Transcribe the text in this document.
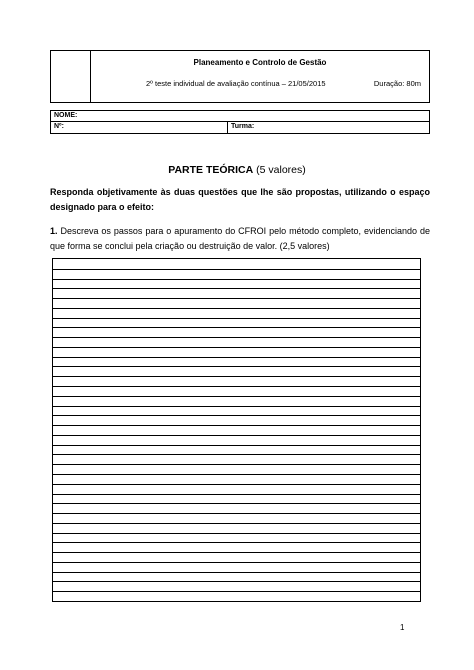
Planeamento e Controlo de Gestão
2º teste individual de avaliação contínua – 21/05/2015	Duração: 80m
NOME:
Nº:	Turma:
PARTE TEÓRICA (5 valores)
Responda objetivamente às duas questões que lhe são propostas, utilizando o espaço designado para o efeito:
1. Descreva os passos para o apuramento do CFROI pelo método completo, evidenciando de que forma se conclui pela criação ou destruição de valor. (2,5 valores)
1
